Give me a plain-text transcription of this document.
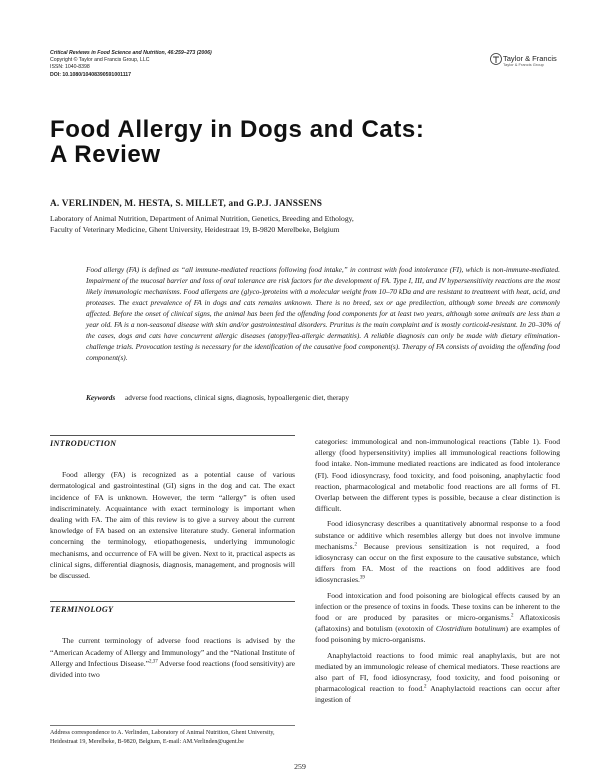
Critical Reviews in Food Science and Nutrition, 46:259–273 (2006)
Copyright © Taylor and Francis Group, LLC
ISSN: 1040-8398
DOI: 10.1080/10408390591001117
Taylor & Francis
Taylor & Francis Group
Food Allergy in Dogs and Cats:
A Review
A. VERLINDEN, M. HESTA, S. MILLET, and G.P.J. JANSSENS
Laboratory of Animal Nutrition, Department of Animal Nutrition, Genetics, Breeding and Ethology,
Faculty of Veterinary Medicine, Ghent University, Heidestraat 19, B-9820 Merelbeke, Belgium

Food allergy (FA) is defined as “all immune-mediated reactions following food intake,” in contrast with food intolerance (FI), which is non-immune-mediated. Impairment of the mucosal barrier and loss of oral tolerance are risk factors for the development of FA. Type I, III, and IV hypersensitivity reactions are the most likely immunologic mechanisms. Food allergens are (glyco-)proteins with a molecular weight from 10–70 kDa and are resistant to treatment with heat, acid, and proteases. The exact prevalence of FA in dogs and cats remains unknown. There is no breed, sex or age predilection, although some breeds are commonly affected. Before the onset of clinical signs, the animal has been fed the offending food components for at least two years, although some animals are less than a year old. FA is a non-seasonal disease with skin and/or gastrointestinal disorders. Pruritus is the main complaint and is mostly corticoid-resistant. In 20–30% of the cases, dogs and cats have concurrent allergic diseases (atopy/flea-allergic dermatitis). A reliable diagnosis can only be made with dietary elimination-challenge trials. Provocation testing is necessary for the identification of the causative food component(s). Therapy of FA consists of avoiding the offending food component(s).

Keywords adverse food reactions, clinical signs, diagnosis, hypoallergenic diet, therapy
INTRODUCTION

Food allergy (FA) is recognized as a potential cause of various dermatological and gastrointestinal (GI) signs in the dog and cat. The exact incidence of FA is unknown. However, the term “allergy” is often used indiscriminately. Acquaintance with exact terminology is important when dealing with FA. The aim of this review is to give a survey about the current knowledge of FA based on an extensive literature study. General information concerning the terminology, etiopathogenesis, underlying immunologic mechanisms, and occurrence of FA will be given. Next to it, practical aspects as clinical signs, differential diagnosis, diagnosis, management, and prognosis will be discussed.

TERMINOLOGY

The current terminology of adverse food reactions is advised by the “American Academy of Allergy and Immunology” and the “National Institute of Allergy and Infectious Disease.”$^{2,37}$ Adverse food reactions (food sensitivity) are divided into two

categories: immunological and non-immunological reactions (Table 1). Food allergy (food hypersensitivity) implies all immunological reactions following food intake. Non-immune mediated reactions are indicated as food intolerance (FI). Food idiosyncrasy, food toxicity, and food poisoning, anaphylactic food reaction, pharmacological and metabolic food reactions are all forms of FI. Overlap between the different types is possible, because a clear distinction is difficult.

Food idiosyncrasy describes a quantitatively abnormal response to a food substance or additive which resembles allergy but does not involve immune mechanisms.$^2$ Because previous sensitization is not required, a food idiosyncrasy can occur on the first exposure to the causative substance, which differs from FA. Most of the reactions on food additives are food idiosyncrasies.$^{39}$

Food intoxication and food poisoning are biological effects caused by an infection or the presence of toxins in foods. These toxins can be inherent to the food or are produced by parasites or micro-organisms.$^2$ Aflatoxicosis (aflatoxins) and botulism (exotoxin of Clostridium botulinum) are examples of food poisoning by micro-organisms.

Anaphylactoid reactions to food mimic real anaphylaxis, but are not mediated by an immunologic release of chemical mediators. These reactions are also part of FI, food idiosyncrasy, food toxicity, and food poisoning or pharmacological reaction to food.$^2$ Anaphylactoid reactions can occur after ingestion of

Address correspondence to A. Verlinden, Laboratory of Animal Nutrition, Ghent University, Heidestraat 19, Merelbeke, B-9820, Belgium, E-mail: AM.Verlinden@ugent.be
259
